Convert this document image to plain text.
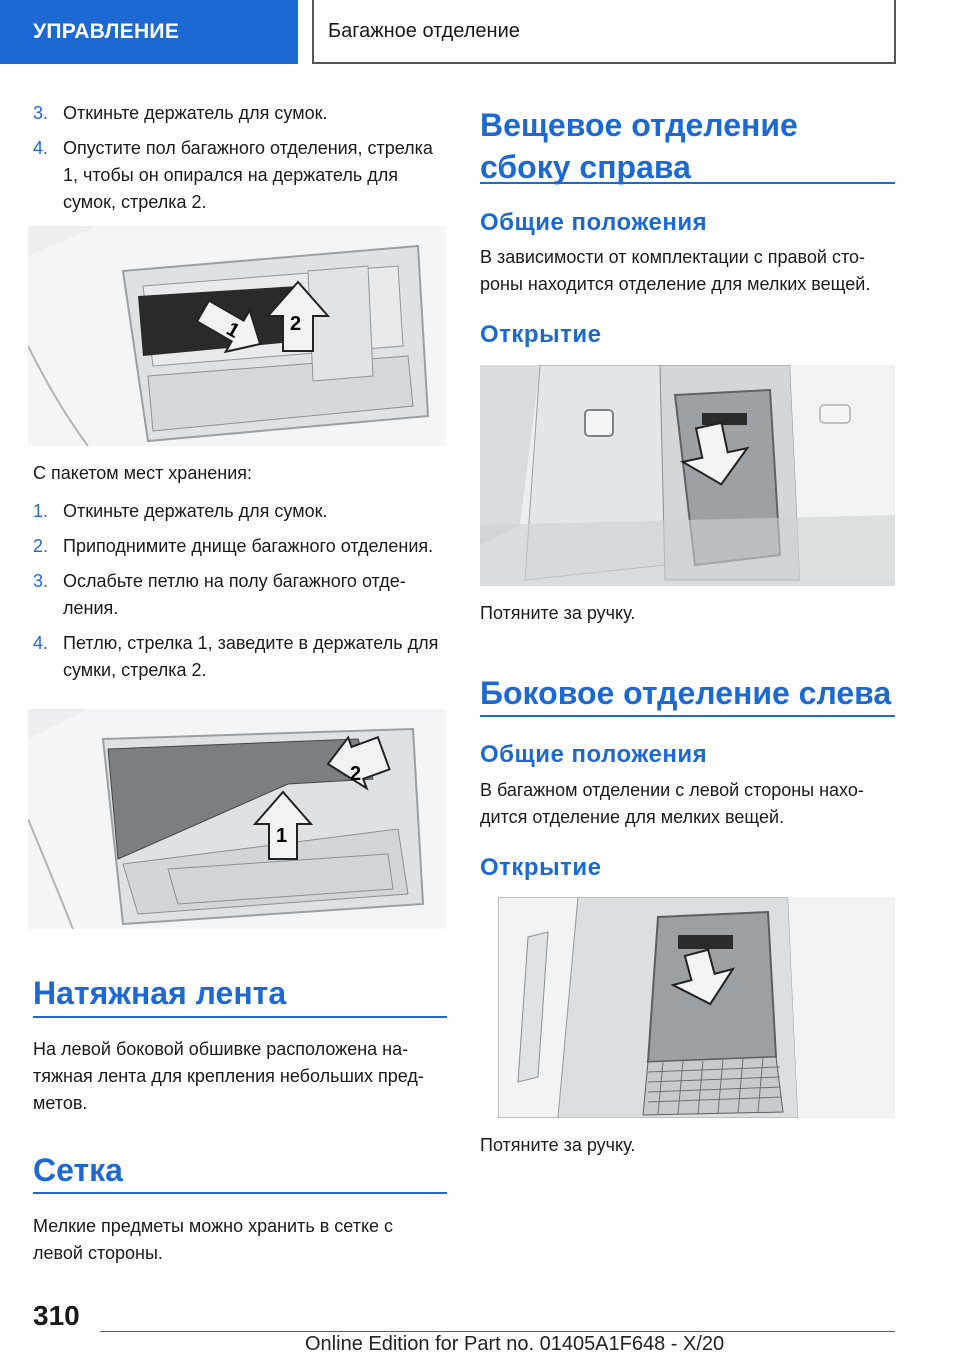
УПРАВЛЕНИЕ	Багажное отделение
3. Откиньте держатель для сумок.
4. Опустите пол багажного отделения, стрелка 1, чтобы он опирался на держатель для сумок, стрелка 2.
1 2

С пакетом мест хранения:

1. Откиньте держатель для сумок.
2. Приподнимите днище багажного отделения.
3. Ослабьте петлю на полу багажного отделения.
4. Петлю, стрелка 1, заведите в держатель для сумки, стрелка 2.
1
2
Натяжная лента

На левой боковой обшивке расположена натяжная лента для крепления небольших предметов.

Сетка

Мелкие предметы можно хранить в сетке с левой стороны.

Вещевое отделение сбоку справа
Общие положения

В зависимости от комплектации с правой стороны находится отделение для мелких вещей.

Открытие

Потяните за ручку.

Боковое отделение слева
Общие положения

В багажном отделении с левой стороны находится отделение для мелких вещей.

Открытие

Потяните за ручку.

310
Online Edition for Part no. 01405A1F648 - X/20
